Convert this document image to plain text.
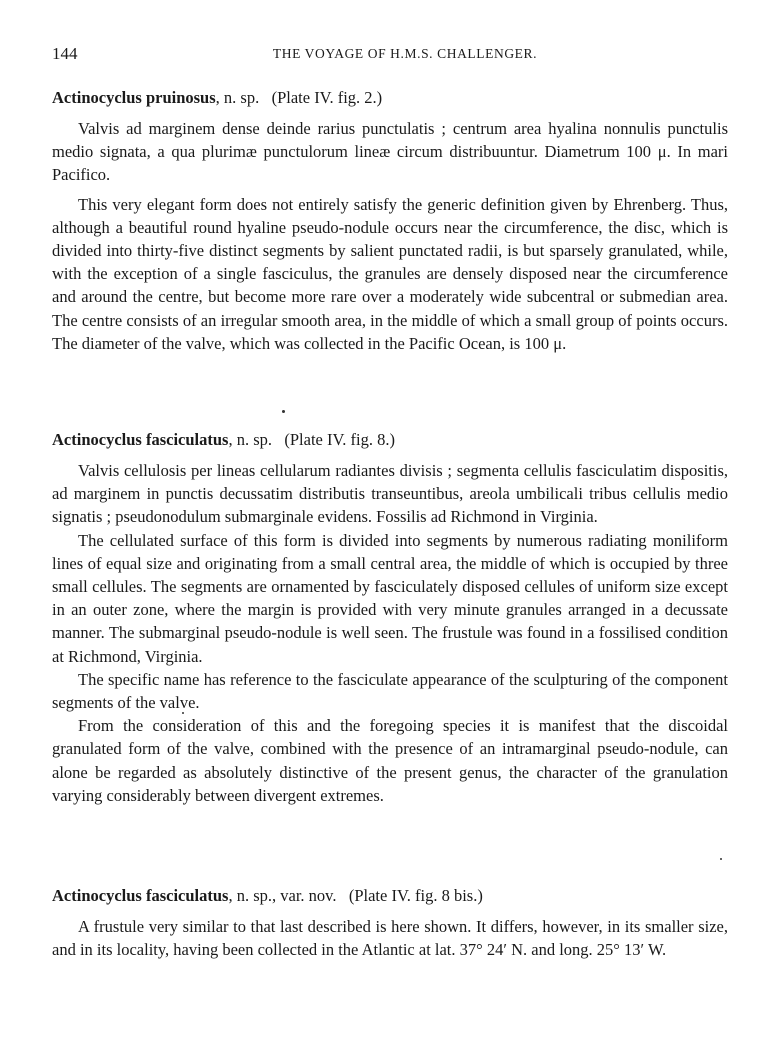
144	THE VOYAGE OF H.M.S. CHALLENGER.

Actinocyclus pruinosus, n. sp. (Plate IV. fig. 2.)

Valvis ad marginem dense deinde rarius punctulatis ; centrum area hyalina nonnulis punctulis medio signata, a qua plurimæ punctulorum lineæ circum distribuuntur. Diametrum 100 μ. In mari Pacifico.

This very elegant form does not entirely satisfy the generic definition given by Ehrenberg. Thus, although a beautiful round hyaline pseudo-nodule occurs near the circumference, the disc, which is divided into thirty-five distinct segments by salient punctated radii, is but sparsely granulated, while, with the exception of a single fasciculus, the granules are densely disposed near the circumference and around the centre, but become more rare over a moderately wide subcentral or submedian area. The centre consists of an irregular smooth area, in the middle of which a small group of points occurs. The diameter of the valve, which was collected in the Pacific Ocean, is 100 μ.

Actinocyclus fasciculatus, n. sp. (Plate IV. fig. 8.)

Valvis cellulosis per lineas cellularum radiantes divisis ; segmenta cellulis fasciculatim dispositis, ad marginem in punctis decussatim distributis transeuntibus, areola umbilicali tribus cellulis medio signatis ; pseudonodulum submarginale evidens. Fossilis ad Richmond in Virginia.

The cellulated surface of this form is divided into segments by numerous radiating moniliform lines of equal size and originating from a small central area, the middle of which is occupied by three small cellules. The segments are ornamented by fasciculately disposed cellules of uniform size except in an outer zone, where the margin is provided with very minute granules arranged in a decussate manner. The submarginal pseudo-nodule is well seen. The frustule was found in a fossilised condition at Richmond, Virginia.

The specific name has reference to the fasciculate appearance of the sculpturing of the component segments of the valve.

From the consideration of this and the foregoing species it is manifest that the discoidal granulated form of the valve, combined with the presence of an intramarginal pseudo-nodule, can alone be regarded as absolutely distinctive of the present genus, the character of the granulation varying considerably between divergent extremes.

Actinocyclus fasciculatus, n. sp., var. nov. (Plate IV. fig. 8 bis.)

A frustule very similar to that last described is here shown. It differs, however, in its smaller size, and in its locality, having been collected in the Atlantic at lat. 37° 24′ N. and long. 25° 13′ W.
